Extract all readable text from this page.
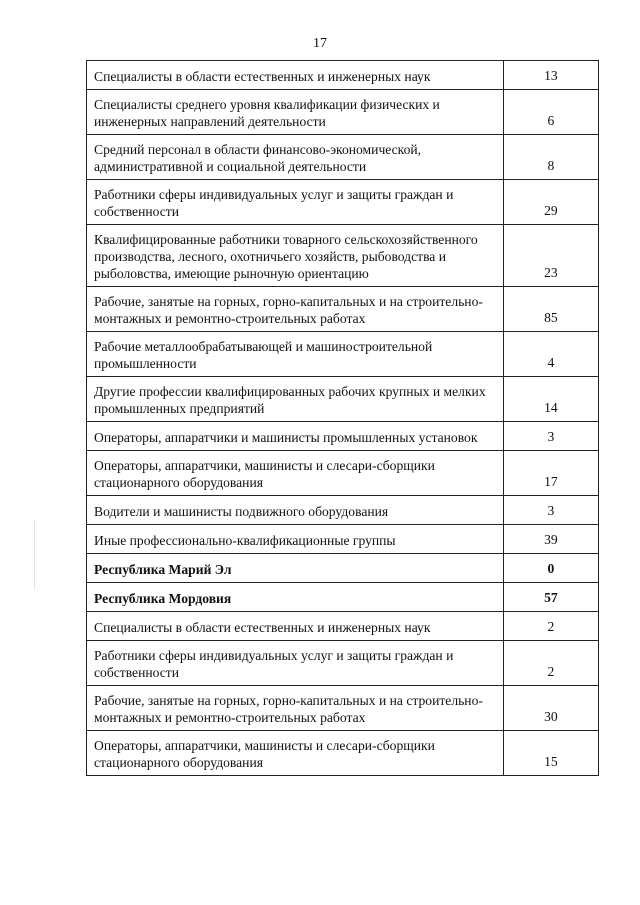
17
Специалисты в области естественных и инженерных наук	13
Специалисты среднего уровня квалификации физических и инженерных направлений деятельности	6
Средний персонал в области финансово-экономической, административной и социальной деятельности	8
Работники сферы индивидуальных услуг и защиты граждан и собственности	29
Квалифицированные работники товарного сельскохозяйственного производства, лесного, охотничьего хозяйств, рыбоводства и рыболовства, имеющие рыночную ориентацию	23
Рабочие, занятые на горных, горно-капитальных и на строительно-монтажных и ремонтно-строительных работах	85
Рабочие металлообрабатывающей и машиностроительной промышленности	4
Другие профессии квалифицированных рабочих крупных и мелких промышленных предприятий	14
Операторы, аппаратчики и машинисты промышленных установок	3
Операторы, аппаратчики, машинисты и слесари-сборщики стационарного оборудования	17
Водители и машинисты подвижного оборудования	3
Иные профессионально-квалификационные группы	39
Республика Марий Эл	0
Республика Мордовия	57
Специалисты в области естественных и инженерных наук	2
Работники сферы индивидуальных услуг и защиты граждан и собственности	2
Рабочие, занятые на горных, горно-капитальных и на строительно-монтажных и ремонтно-строительных работах	30
Операторы, аппаратчики, машинисты и слесари-сборщики стационарного оборудования	15
